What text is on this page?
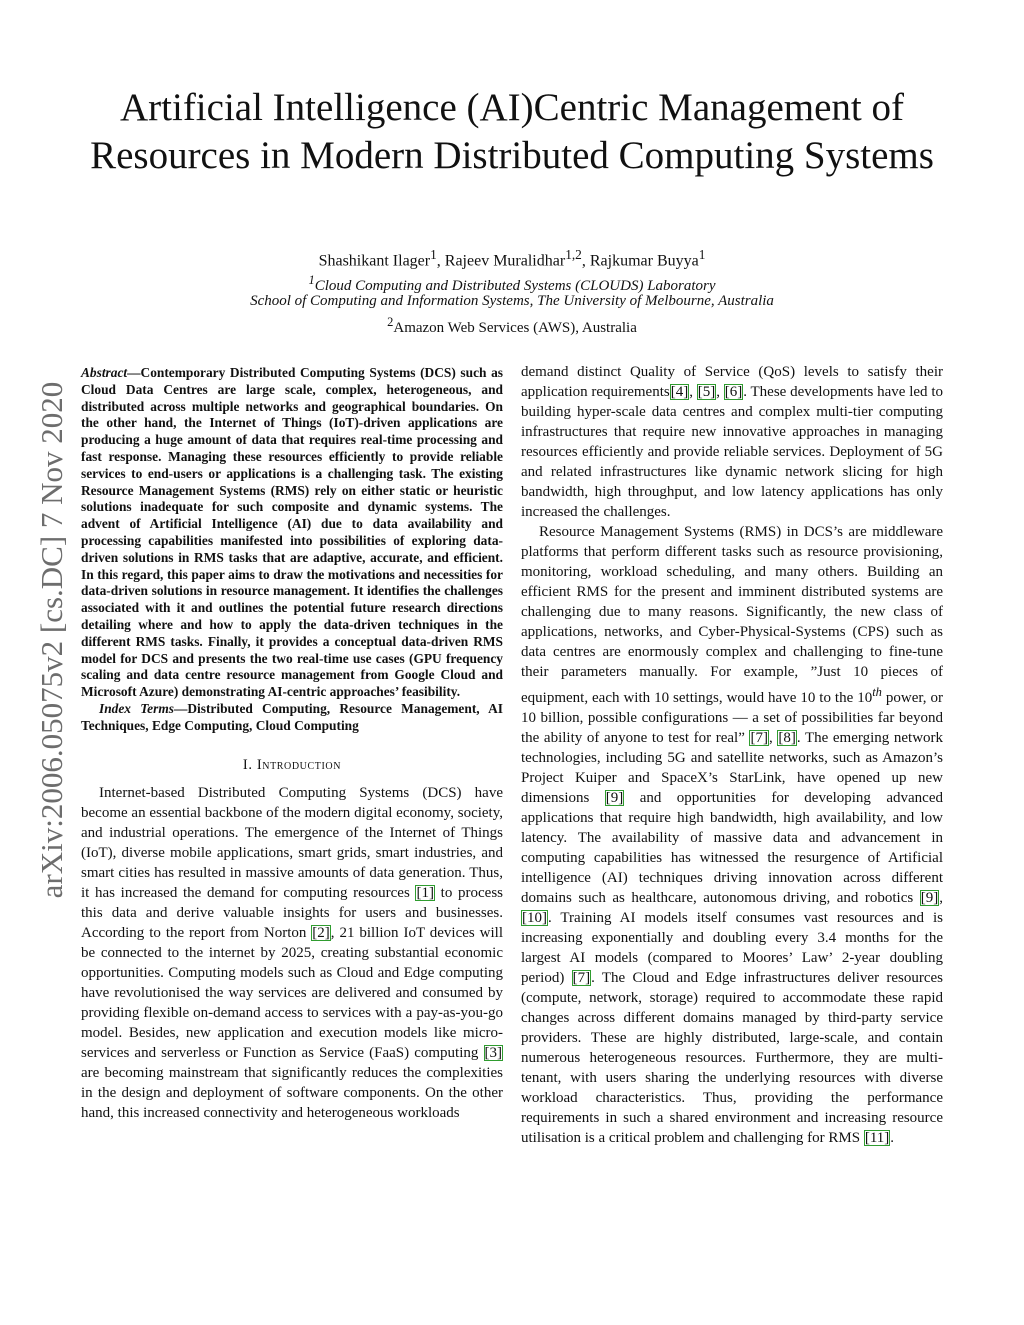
Artificial Intelligence (AI)Centric Management of Resources in Modern Distributed Computing Systems
Shashikant Ilager$^1$, Rajeev Muralidhar$^{1,2}$, Rajkumar Buyya$^1$
$^1$Cloud Computing and Distributed Systems (CLOUDS) Laboratory
School of Computing and Information Systems, The University of Melbourne, Australia
$^2$Amazon Web Services (AWS), Australia
arXiv:2006.05075v2 [cs.DC] 7 Nov 2020

Abstract—Contemporary Distributed Computing Systems (DCS) such as Cloud Data Centres are large scale, complex, heterogeneous, and distributed across multiple networks and geographical boundaries. On the other hand, the Internet of Things (IoT)-driven applications are producing a huge amount of data that requires real-time processing and fast response. Managing these resources efficiently to provide reliable services to end-users or applications is a challenging task. The existing Resource Management Systems (RMS) rely on either static or heuristic solutions inadequate for such composite and dynamic systems. The advent of Artificial Intelligence (AI) due to data availability and processing capabilities manifested into possibilities of exploring data-driven solutions in RMS tasks that are adaptive, accurate, and efficient. In this regard, this paper aims to draw the motivations and necessities for data-driven solutions in resource management. It identifies the challenges associated with it and outlines the potential future research directions detailing where and how to apply the data-driven techniques in the different RMS tasks. Finally, it provides a conceptual data-driven RMS model for DCS and presents the two real-time use cases (GPU frequency scaling and data centre resource management from Google Cloud and Microsoft Azure) demonstrating AI-centric approaches’ feasibility.

Index Terms—Distributed Computing, Resource Management, AI Techniques, Edge Computing, Cloud Computing

I. Introduction

Internet-based Distributed Computing Systems (DCS) have become an essential backbone of the modern digital economy, society, and industrial operations. The emergence of the Internet of Things (IoT), diverse mobile applications, smart grids, smart industries, and smart cities has resulted in massive amounts of data generation. Thus, it has increased the demand for computing resources [1] to process this data and derive valuable insights for users and businesses. According to the report from Norton [2], 21 billion IoT devices will be connected to the internet by 2025, creating substantial economic opportunities. Computing models such as Cloud and Edge computing have revolutionised the way services are delivered and consumed by providing flexible on-demand access to services with a pay-as-you-go model. Besides, new application and execution models like micro-services and serverless or Function as Service (FaaS) computing [3] are becoming mainstream that significantly reduces the complexities in the design and deployment of software components. On the other hand, this increased connectivity and heterogeneous workloads

demand distinct Quality of Service (QoS) levels to satisfy their application requirements[4], [5], [6]. These developments have led to building hyper-scale data centres and complex multi-tier computing infrastructures that require new innovative approaches in managing resources efficiently and provide reliable services. Deployment of 5G and related infrastructures like dynamic network slicing for high bandwidth, high throughput, and low latency applications has only increased the challenges.

Resource Management Systems (RMS) in DCS’s are middleware platforms that perform different tasks such as resource provisioning, monitoring, workload scheduling, and many others. Building an efficient RMS for the present and imminent distributed systems are challenging due to many reasons. Significantly, the new class of applications, networks, and Cyber-Physical-Systems (CPS) such as data centres are enormously complex and challenging to fine-tune their parameters manually. For example, ”Just 10 pieces of equipment, each with 10 settings, would have 10 to the 10th power, or 10 billion, possible configurations — a set of possibilities far beyond the ability of anyone to test for real” [7], [8]. The emerging network technologies, including 5G and satellite networks, such as Amazon’s Project Kuiper and SpaceX’s StarLink, have opened up new dimensions [9] and opportunities for developing advanced applications that require high bandwidth, high availability, and low latency. The availability of massive data and advancement in computing capabilities has witnessed the resurgence of Artificial intelligence (AI) techniques driving innovation across different domains such as healthcare, autonomous driving, and robotics [9], [10]. Training AI models itself consumes vast resources and is increasing exponentially and doubling every 3.4 months for the largest AI models (compared to Moores’ Law’ 2-year doubling period) [7]. The Cloud and Edge infrastructures deliver resources (compute, network, storage) required to accommodate these rapid changes across different domains managed by third-party service providers. These are highly distributed, large-scale, and contain numerous heterogeneous resources. Furthermore, they are multi-tenant, with users sharing the underlying resources with diverse workload characteristics. Thus, providing the performance requirements in such a shared environment and increasing resource utilisation is a critical problem and challenging for RMS [11].
